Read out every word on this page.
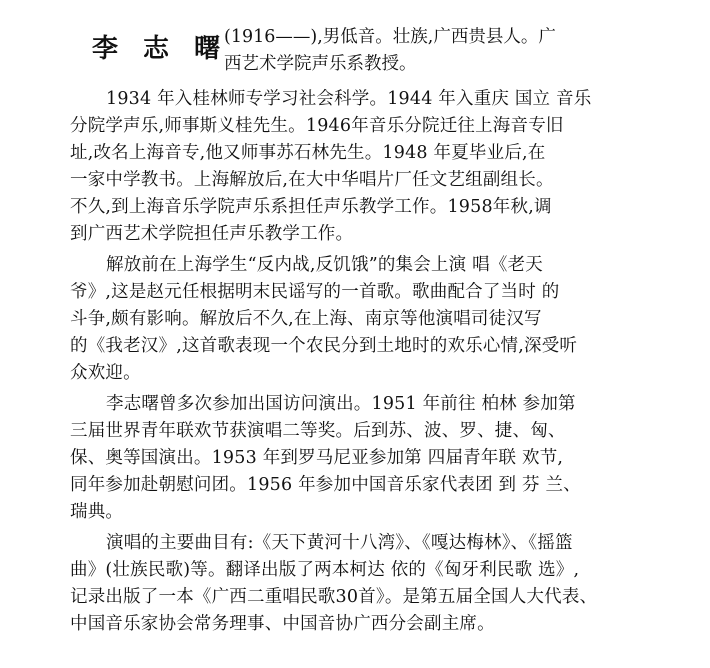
李 志 曙
(1916——),男低音。壮族,广西贵县人。广
西艺术学院声乐系教授。
1934 年入桂林师专学习社会科学。1944 年入重庆 国立 音乐
分院学声乐,师事斯义桂先生。1946年音乐分院迁往上海音专旧
址,改名上海音专,他又师事苏石林先生。1948 年夏毕业后,在
一家中学教书。上海解放后,在大中华唱片厂任文艺组副组长。
不久,到上海音乐学院声乐系担任声乐教学工作。1958年秋,调
到广西艺术学院担任声乐教学工作。
解放前在上海学生“反内战,反饥饿”的集会上演 唱《老天
爷》,这是赵元任根据明末民谣写的一首歌。歌曲配合了当时 的
斗争,颇有影响。解放后不久,在上海、南京等他演唱司徒汉写
的《我老汉》,这首歌表现一个农民分到土地时的欢乐心情,深受听
众欢迎。
李志曙曾多次参加出国访问演出。1951 年前往 柏林 参加第
三届世界青年联欢节获演唱二等奖。后到苏、波、罗、捷、匈、
保、奥等国演出。1953 年到罗马尼亚参加第 四届青年联 欢节,
同年参加赴朝慰问团。1956 年参加中国音乐家代表团 到 芬 兰、
瑞典。
演唱的主要曲目有:《天下黄河十八湾》、《嘎达梅林》、《摇篮
曲》(壮族民歌)等。翻译出版了两本柯达 依的《匈牙利民歌 选》,
记录出版了一本《广西二重唱民歌30首》。是第五届全国人大代表、
中国音乐家协会常务理事、中国音协广西分会副主席。
